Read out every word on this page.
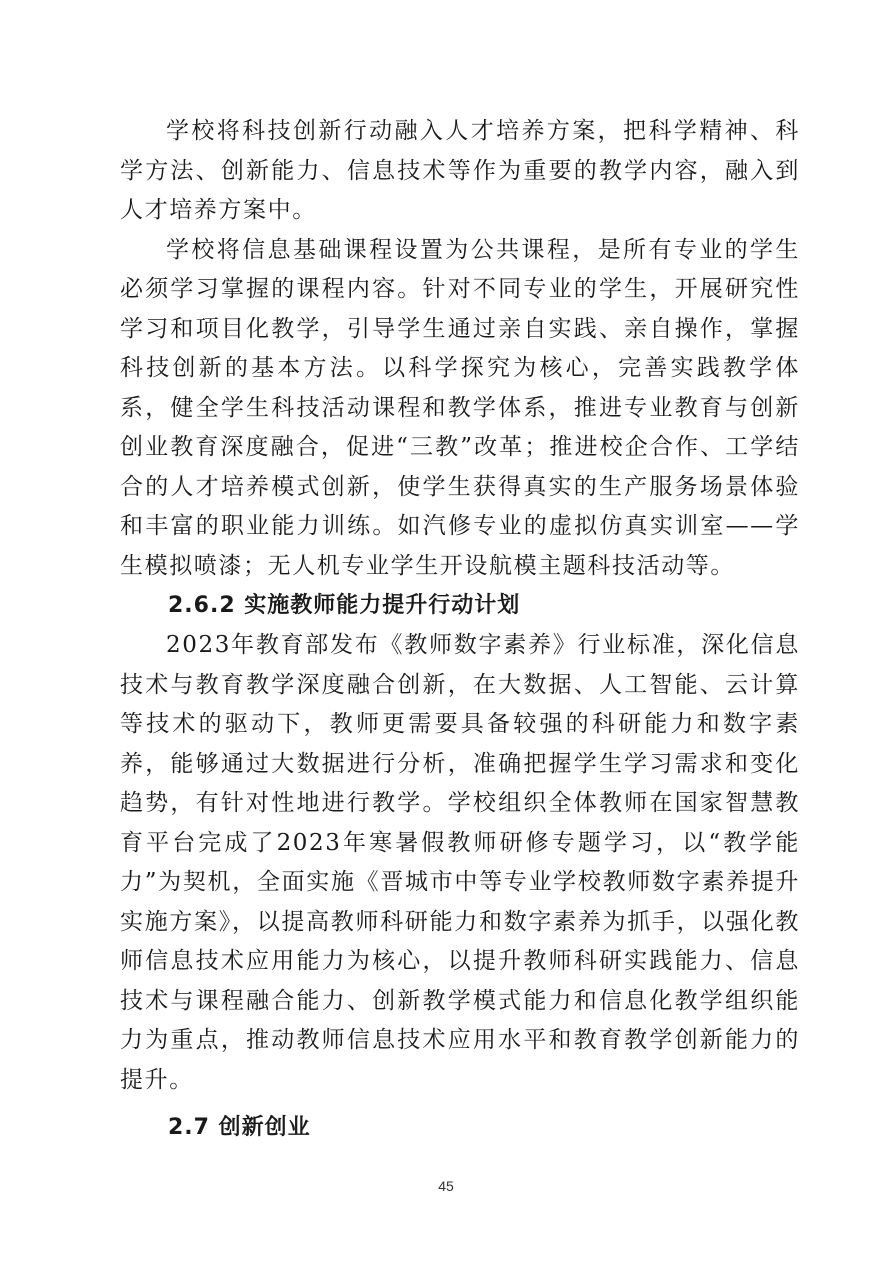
学校将科技创新行动融入人才培养方案，把科学精神、科学方法、创新能力、信息技术等作为重要的教学内容，融入到人才培养方案中。

学校将信息基础课程设置为公共课程，是所有专业的学生必须学习掌握的课程内容。针对不同专业的学生，开展研究性学习和项目化教学，引导学生通过亲自实践、亲自操作，掌握科技创新的基本方法。以科学探究为核心，完善实践教学体系，健全学生科技活动课程和教学体系，推进专业教育与创新创业教育深度融合，促进“三教”改革；推进校企合作、工学结合的人才培养模式创新，使学生获得真实的生产服务场景体验和丰富的职业能力训练。如汽修专业的虚拟仿真实训室——学生模拟喷漆；无人机专业学生开设航模主题科技活动等。

2.6.2 实施教师能力提升行动计划

2023年教育部发布《教师数字素养》行业标准，深化信息技术与教育教学深度融合创新，在大数据、人工智能、云计算等技术的驱动下，教师更需要具备较强的科研能力和数字素养，能够通过大数据进行分析，准确把握学生学习需求和变化趋势，有针对性地进行教学。学校组织全体教师在国家智慧教育平台完成了2023年寒暑假教师研修专题学习，以“教学能力”为契机，全面实施《晋城市中等专业学校教师数字素养提升实施方案》，以提高教师科研能力和数字素养为抓手，以强化教师信息技术应用能力为核心，以提升教师科研实践能力、信息技术与课程融合能力、创新教学模式能力和信息化教学组织能力为重点，推动教师信息技术应用水平和教育教学创新能力的提升。

2.7 创新创业
45
